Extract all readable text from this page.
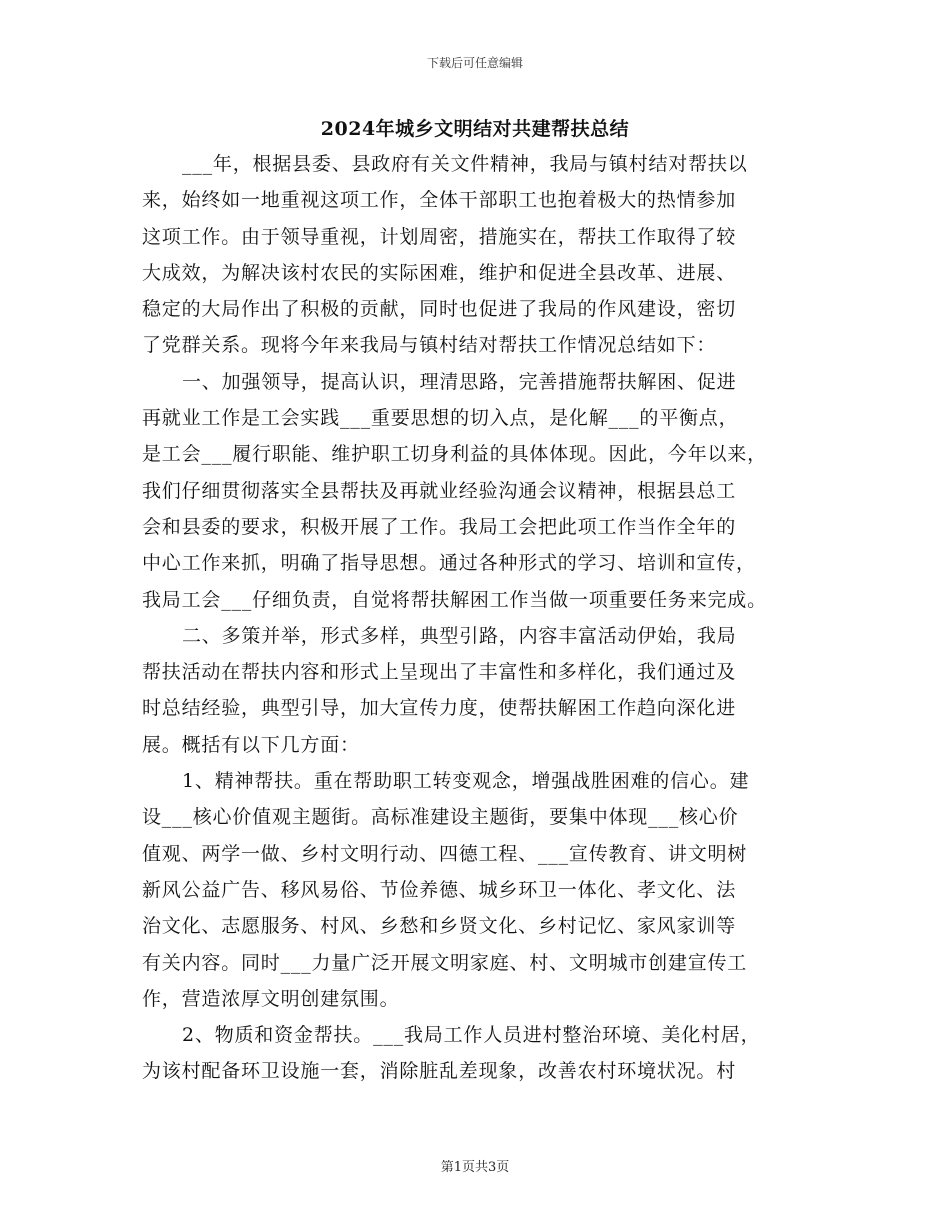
下载后可任意编辑
2024年城乡文明结对共建帮扶总结
___年，根据县委、县政府有关文件精神，我局与镇村结对帮扶以
来，始终如一地重视这项工作，全体干部职工也抱着极大的热情参加
这项工作。由于领导重视，计划周密，措施实在，帮扶工作取得了较
大成效，为解决该村农民的实际困难，维护和促进全县改革、进展、
稳定的大局作出了积极的贡献，同时也促进了我局的作风建设，密切
了党群关系。现将今年来我局与镇村结对帮扶工作情况总结如下：
一、加强领导，提高认识，理清思路，完善措施帮扶解困、促进
再就业工作是工会实践___重要思想的切入点，是化解___的平衡点，
是工会___履行职能、维护职工切身利益的具体体现。因此，今年以来，
我们仔细贯彻落实全县帮扶及再就业经验沟通会议精神，根据县总工
会和县委的要求，积极开展了工作。我局工会把此项工作当作全年的
中心工作来抓，明确了指导思想。通过各种形式的学习、培训和宣传，
我局工会___仔细负责，自觉将帮扶解困工作当做一项重要任务来完成。
二、多策并举，形式多样，典型引路，内容丰富活动伊始，我局
帮扶活动在帮扶内容和形式上呈现出了丰富性和多样化，我们通过及
时总结经验，典型引导，加大宣传力度，使帮扶解困工作趋向深化进
展。概括有以下几方面：
1、精神帮扶。重在帮助职工转变观念，增强战胜困难的信心。建
设___核心价值观主题街。高标准建设主题街，要集中体现___核心价
值观、两学一做、乡村文明行动、四德工程、___宣传教育、讲文明树
新风公益广告、移风易俗、节俭养德、城乡环卫一体化、孝文化、法
治文化、志愿服务、村风、乡愁和乡贤文化、乡村记忆、家风家训等
有关内容。同时___力量广泛开展文明家庭、村、文明城市创建宣传工
作，营造浓厚文明创建氛围。
2、物质和资金帮扶。___我局工作人员进村整治环境、美化村居，
为该村配备环卫设施一套，消除脏乱差现象，改善农村环境状况。村
第1页共3页
